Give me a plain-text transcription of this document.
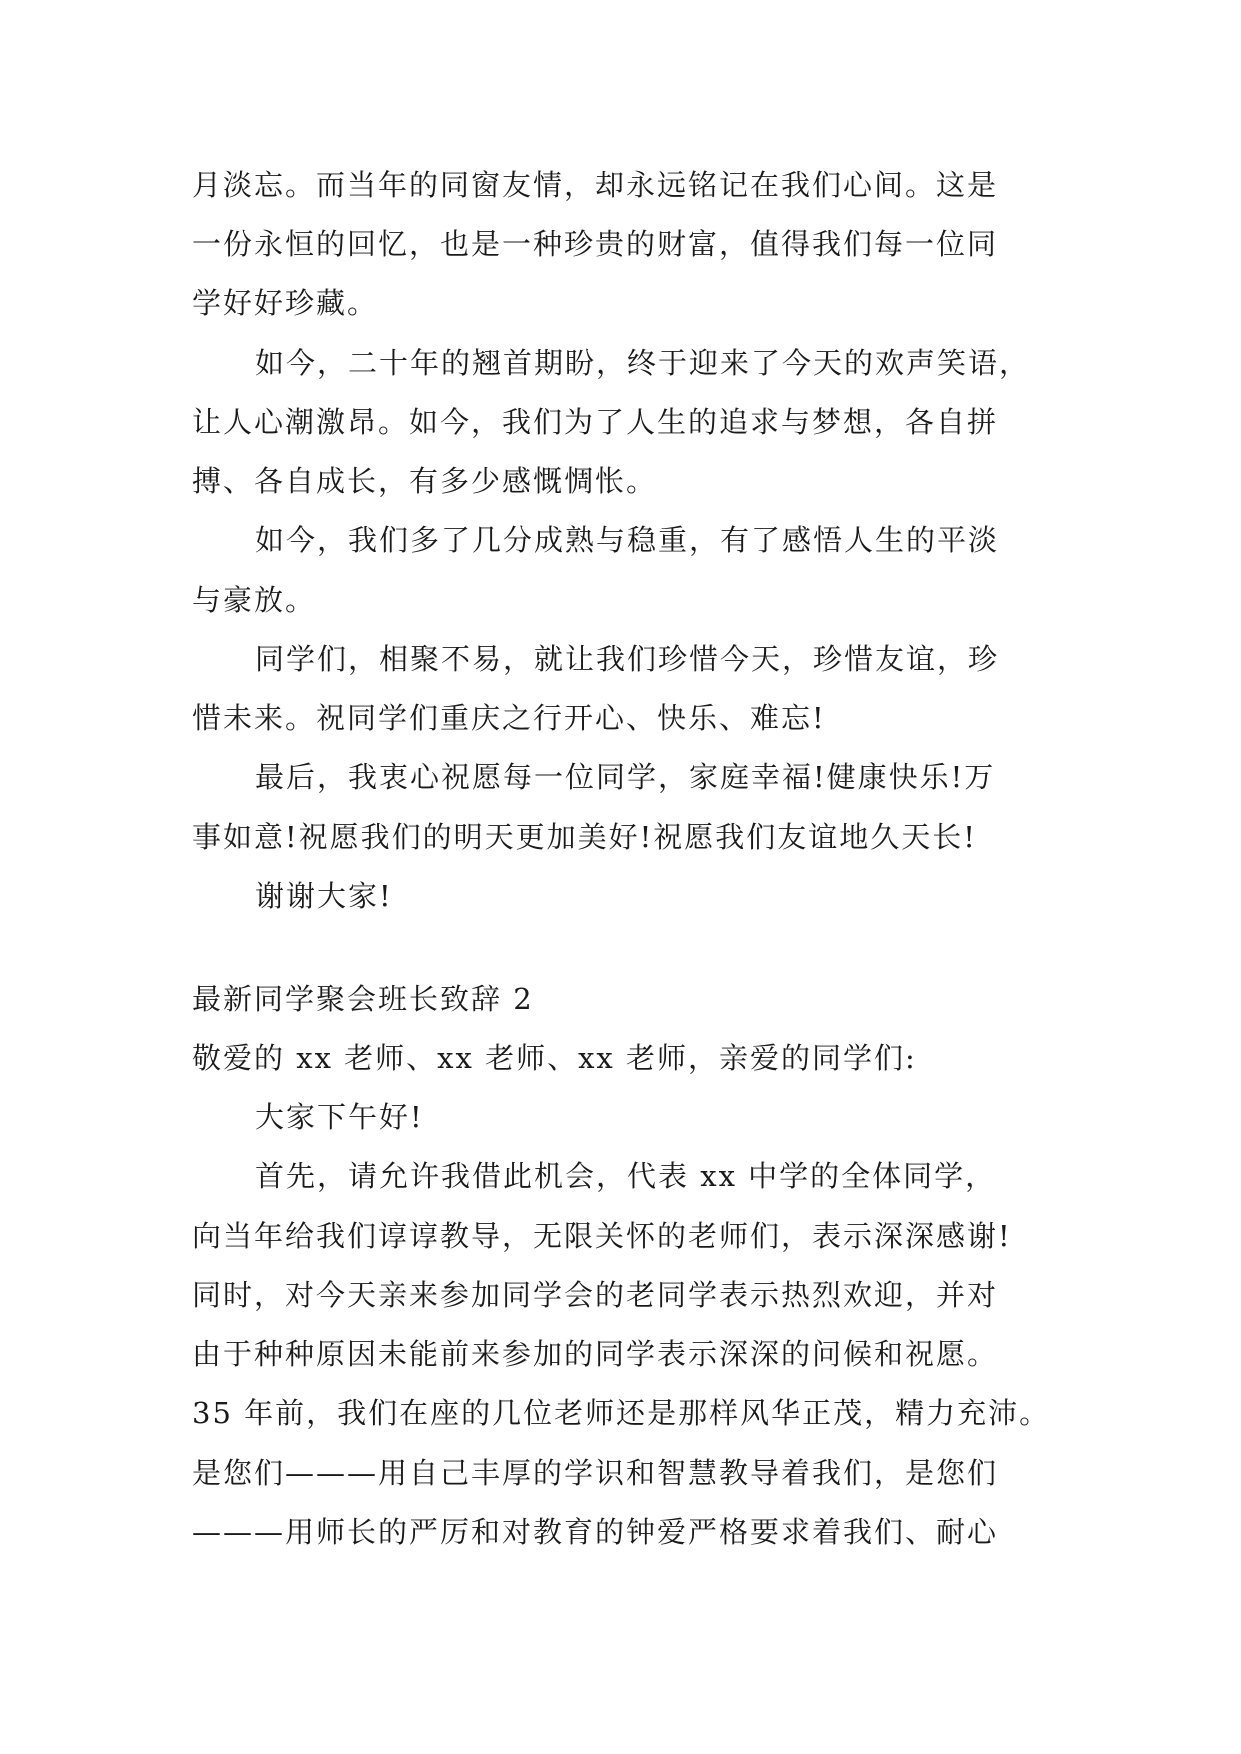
月淡忘。而当年的同窗友情，却永远铭记在我们心间。这是
一份永恒的回忆，也是一种珍贵的财富，值得我们每一位同
学好好珍藏。
如今，二十年的翘首期盼，终于迎来了今天的欢声笑语，
让人心潮激昂。如今，我们为了人生的追求与梦想，各自拼
搏、各自成长，有多少感慨惆怅。
如今，我们多了几分成熟与稳重，有了感悟人生的平淡
与豪放。
同学们，相聚不易，就让我们珍惜今天，珍惜友谊，珍
惜未来。祝同学们重庆之行开心、快乐、难忘!
最后，我衷心祝愿每一位同学，家庭幸福!健康快乐!万
事如意!祝愿我们的明天更加美好!祝愿我们友谊地久天长!
谢谢大家!
最新同学聚会班长致辞 2
敬爱的 xx 老师、xx 老师、xx 老师，亲爱的同学们:
大家下午好!
首先，请允许我借此机会，代表 xx 中学的全体同学，
向当年给我们谆谆教导，无限关怀的老师们，表示深深感谢!
同时，对今天亲来参加同学会的老同学表示热烈欢迎，并对
由于种种原因未能前来参加的同学表示深深的问候和祝愿。
35 年前，我们在座的几位老师还是那样风华正茂，精力充沛。
是您们———用自己丰厚的学识和智慧教导着我们，是您们
———用师长的严厉和对教育的钟爱严格要求着我们、耐心
